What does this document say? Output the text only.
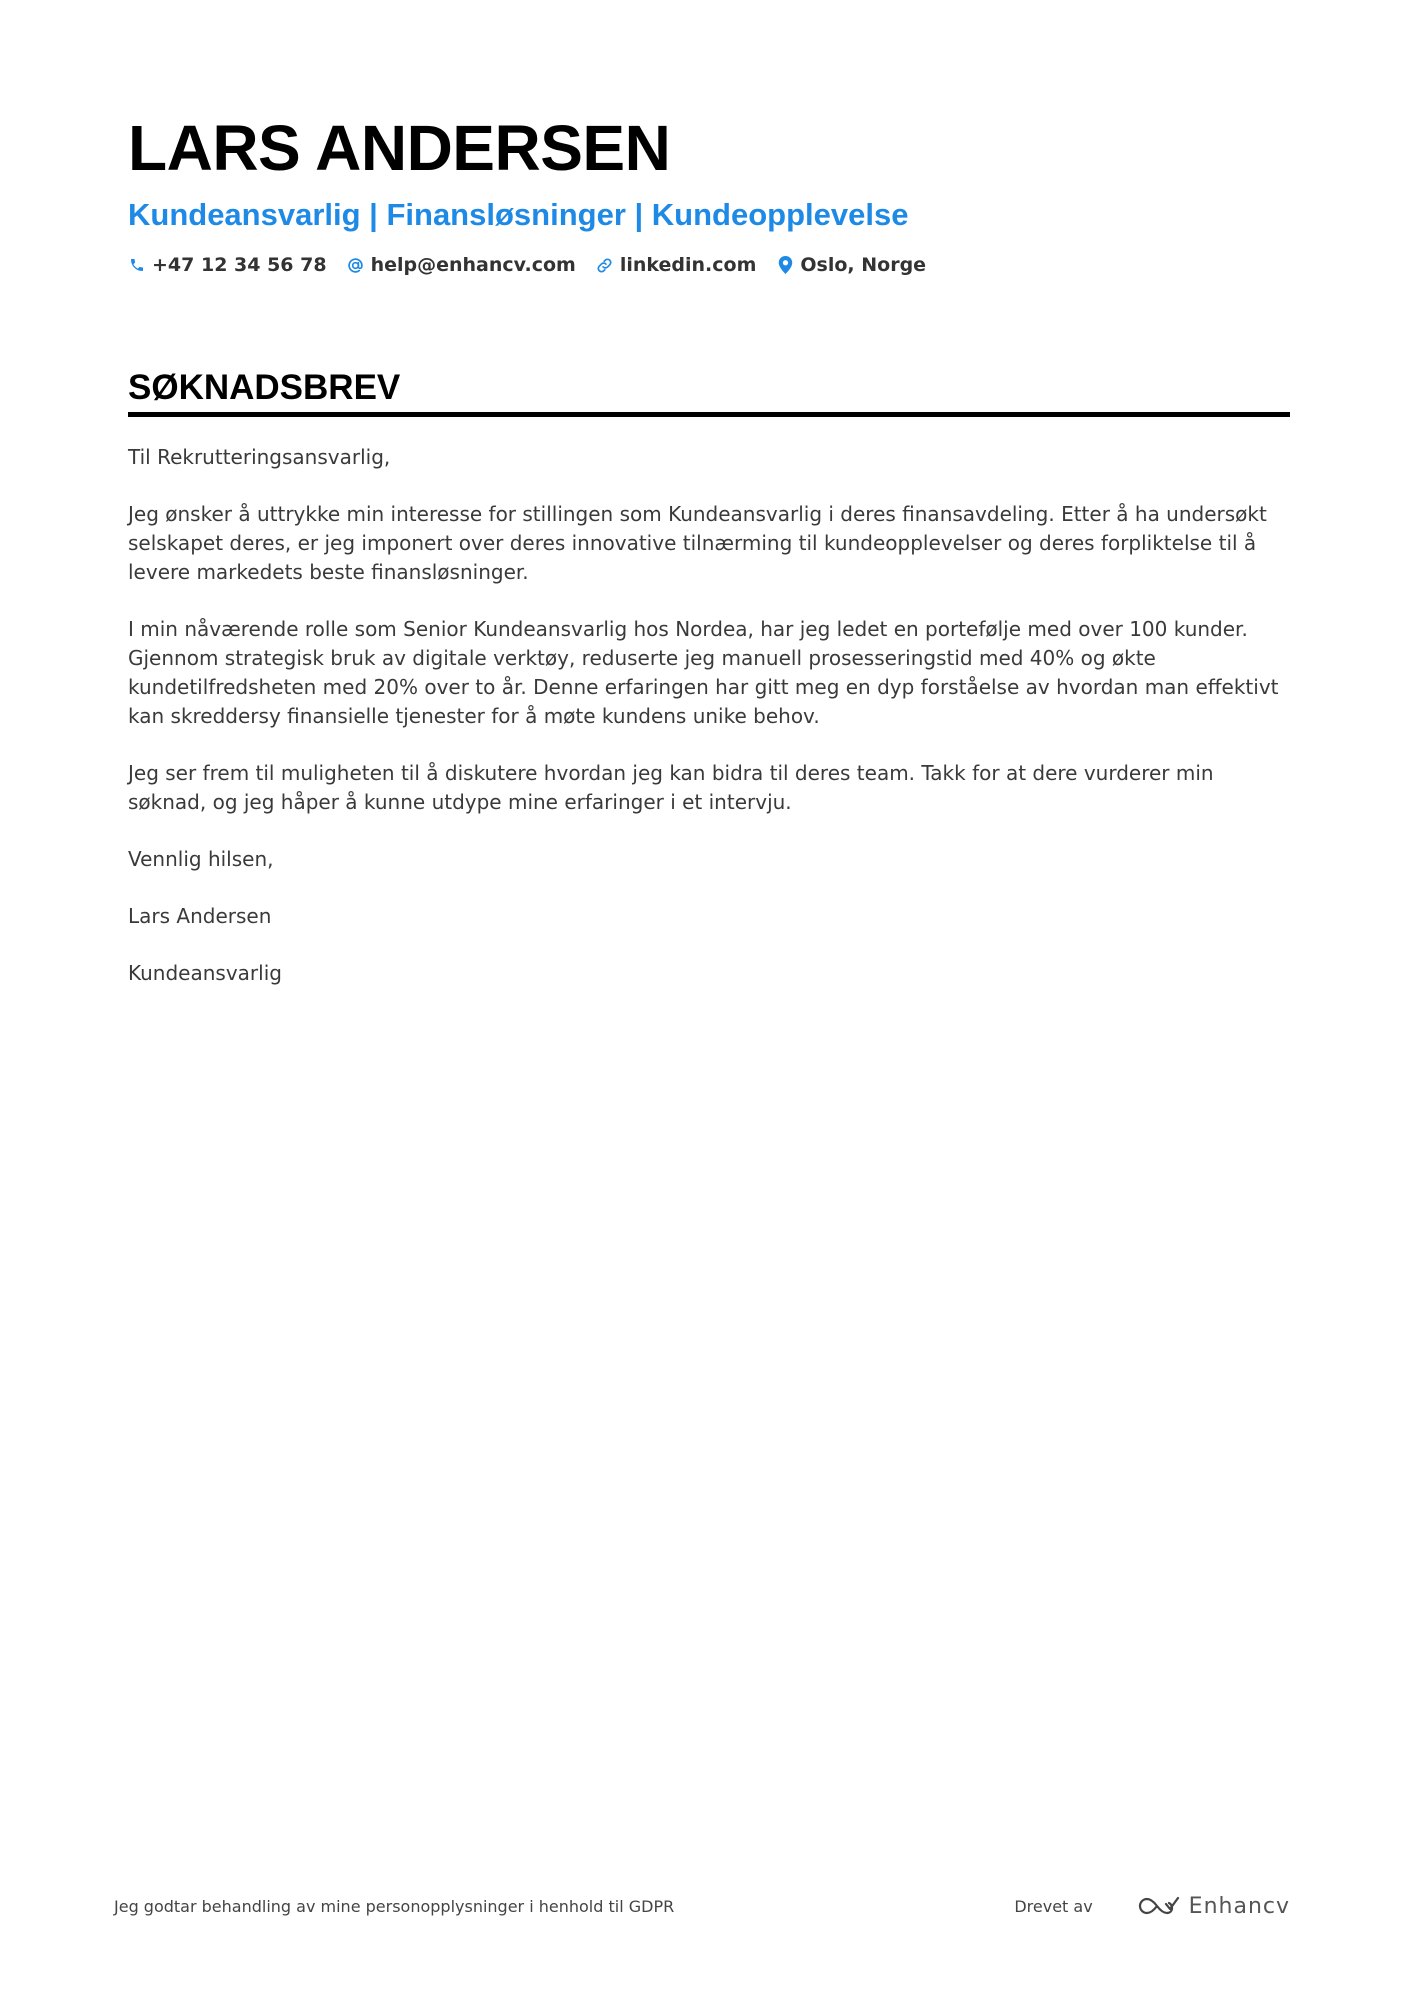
LARS ANDERSEN
Kundeansvarlig | Finansløsninger | Kundeopplevelse
+47 12 34 56 78 help@enhancv.com linkedin.com Oslo, Norge
SØKNADSBREV

Til Rekrutteringsansvarlig,

Jeg ønsker å uttrykke min interesse for stillingen som Kundeansvarlig i deres finansavdeling. Etter å ha undersøkt selskapet deres, er jeg imponert over deres innovative tilnærming til kundeopplevelser og deres forpliktelse til å levere markedets beste finansløsninger.

I min nåværende rolle som Senior Kundeansvarlig hos Nordea, har jeg ledet en portefølje med over 100 kunder. Gjennom strategisk bruk av digitale verktøy, reduserte jeg manuell prosesseringstid med 40% og økte kundetilfredsheten med 20% over to år. Denne erfaringen har gitt meg en dyp forståelse av hvordan man effektivt kan skreddersy finansielle tjenester for å møte kundens unike behov.

Jeg ser frem til muligheten til å diskutere hvordan jeg kan bidra til deres team. Takk for at dere vurderer min søknad, og jeg håper å kunne utdype mine erfaringer i et intervju.

Vennlig hilsen,

Lars Andersen

Kundeansvarlig

Jeg godtar behandling av mine personopplysninger i henhold til GDPR	Drevet av	Enhancv
